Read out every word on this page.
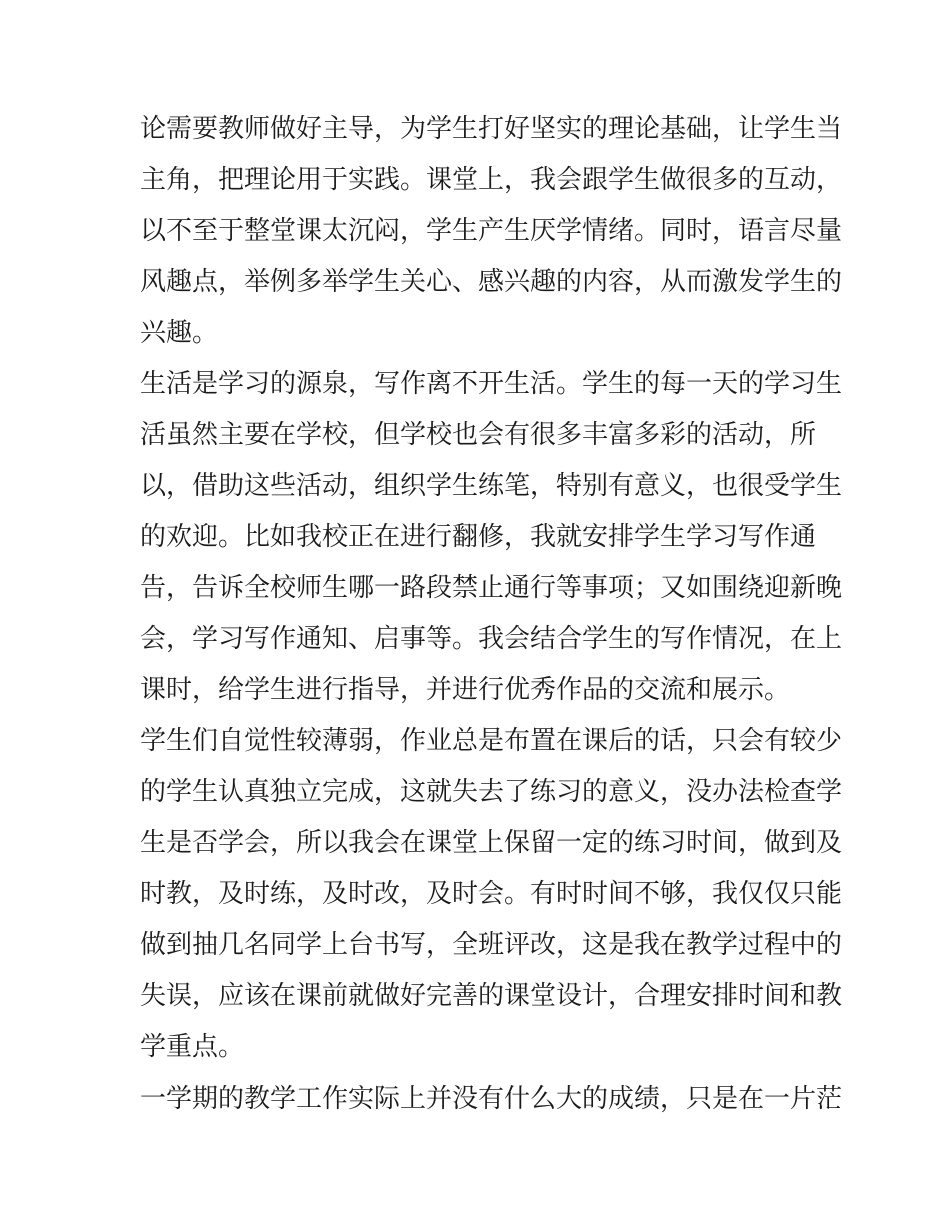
论需要教师做好主导，为学生打好坚实的理论基础，让学生当
主角，把理论用于实践。课堂上，我会跟学生做很多的互动，
以不至于整堂课太沉闷，学生产生厌学情绪。同时，语言尽量
风趣点，举例多举学生关心、感兴趣的内容，从而激发学生的
兴趣。
生活是学习的源泉，写作离不开生活。学生的每一天的学习生
活虽然主要在学校，但学校也会有很多丰富多彩的活动，所
以，借助这些活动，组织学生练笔，特别有意义，也很受学生
的欢迎。比如我校正在进行翻修，我就安排学生学习写作通
告，告诉全校师生哪一路段禁止通行等事项；又如围绕迎新晚
会，学习写作通知、启事等。我会结合学生的写作情况，在上
课时，给学生进行指导，并进行优秀作品的交流和展示。
学生们自觉性较薄弱，作业总是布置在课后的话，只会有较少
的学生认真独立完成，这就失去了练习的意义，没办法检查学
生是否学会，所以我会在课堂上保留一定的练习时间，做到及
时教，及时练，及时改，及时会。有时时间不够，我仅仅只能
做到抽几名同学上台书写，全班评改，这是我在教学过程中的
失误，应该在课前就做好完善的课堂设计，合理安排时间和教
学重点。
一学期的教学工作实际上并没有什么大的成绩，只是在一片茫
